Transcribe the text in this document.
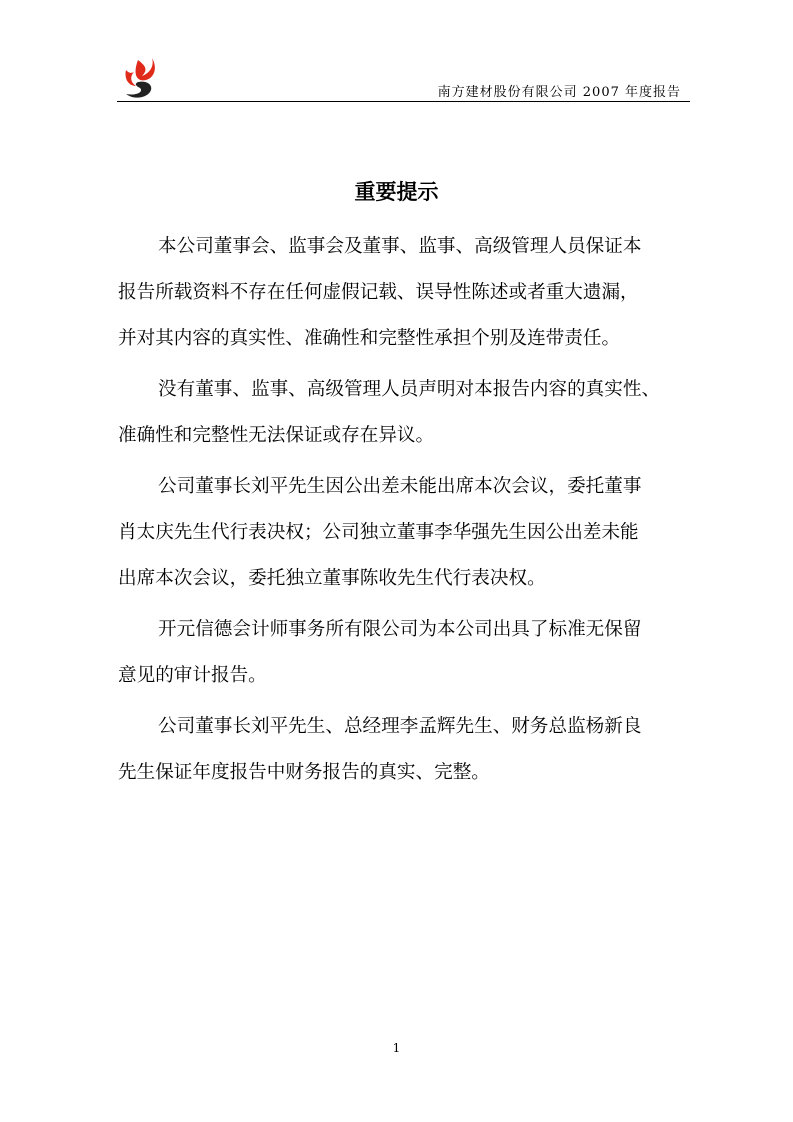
南方建材股份有限公司 2007 年度报告
重要提示
本公司董事会、监事会及董事、监事、高级管理人员保证本
报告所载资料不存在任何虚假记载、误导性陈述或者重大遗漏，
并对其内容的真实性、准确性和完整性承担个别及连带责任。
没有董事、监事、高级管理人员声明对本报告内容的真实性、
准确性和完整性无法保证或存在异议。
公司董事长刘平先生因公出差未能出席本次会议，委托董事
肖太庆先生代行表决权；公司独立董事李华强先生因公出差未能
出席本次会议，委托独立董事陈收先生代行表决权。
开元信德会计师事务所有限公司为本公司出具了标准无保留
意见的审计报告。
公司董事长刘平先生、总经理李孟辉先生、财务总监杨新良
先生保证年度报告中财务报告的真实、完整。
1
